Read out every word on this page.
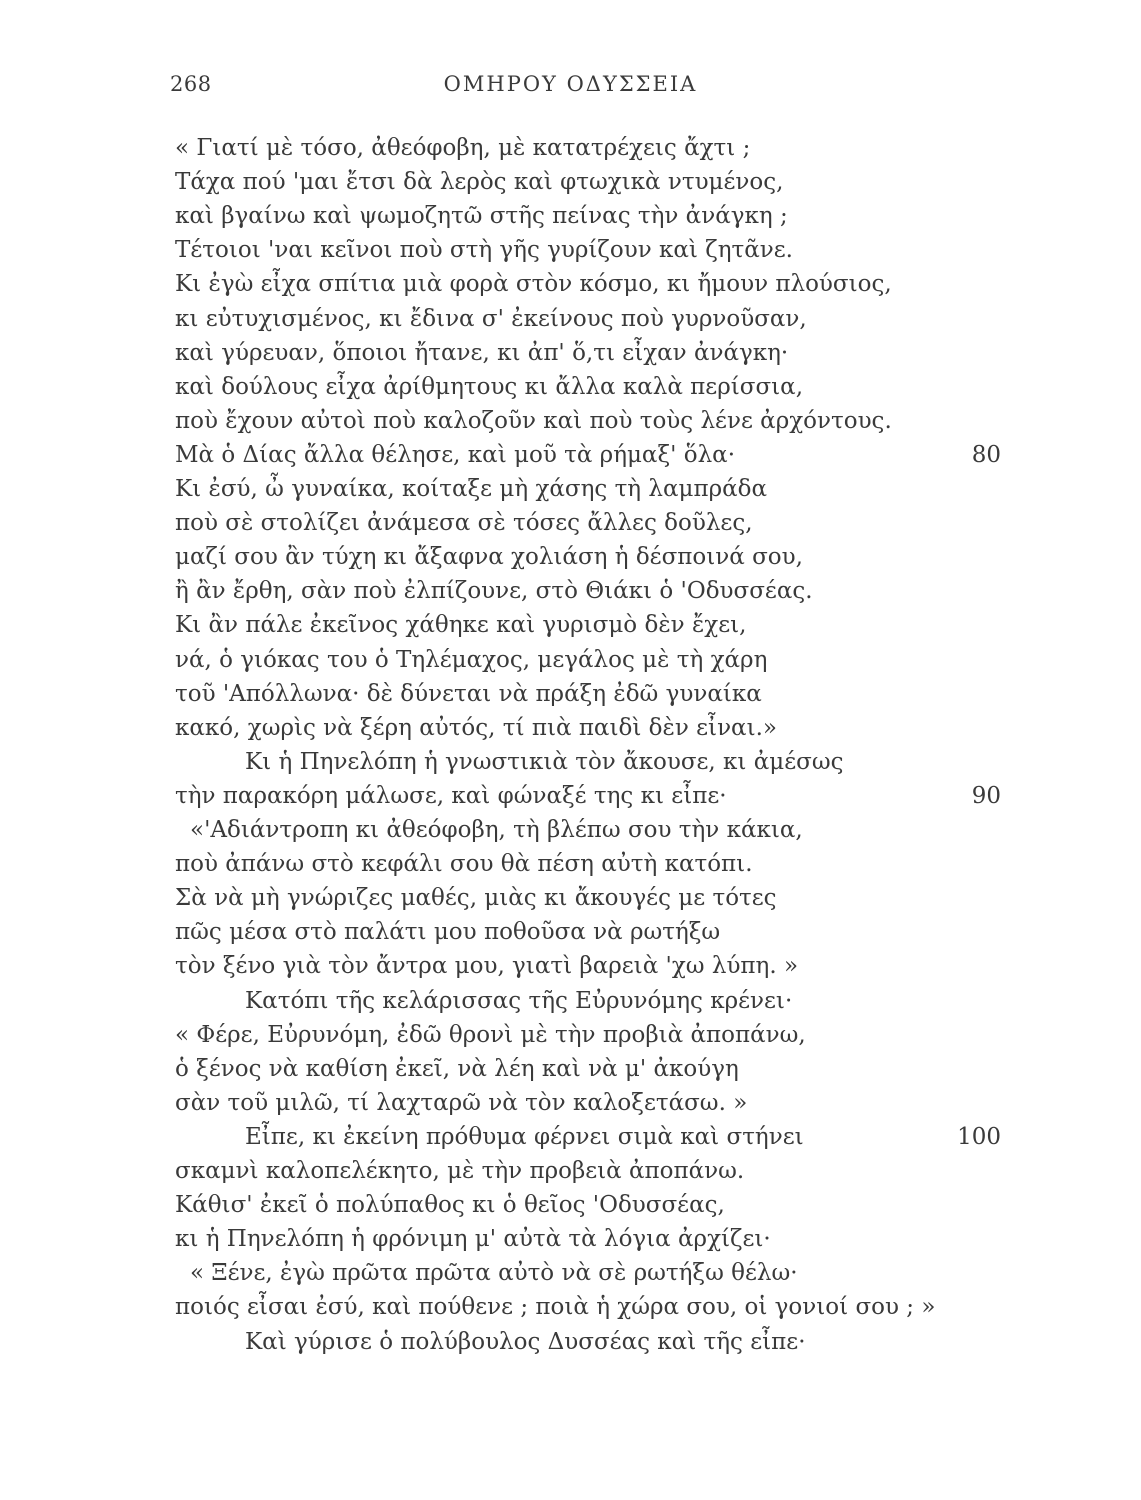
268	ΟΜΗΡΟΥ ΟΔΥΣΣΕΙΑ
« Γιατί μὲ τόσο, ἀθεόφοβη, μὲ κατατρέχεις ἄχτι ;
Τάχα πού 'μαι ἔτσι δὰ λερὸς καὶ φτωχικὰ ντυμένος,
καὶ βγαίνω καὶ ψωμοζητῶ στῆς πείνας τὴν ἀνάγκη ;
Τέτοιοι 'ναι κεῖνοι ποὺ στὴ γῆς γυρίζουν καὶ ζητᾶνε.
Κι ἐγὼ εἶχα σπίτια μιὰ φορὰ στὸν κόσμο, κι ἤμουν πλούσιος,
κι εὐτυχισμένος, κι ἔδινα σ' ἐκείνους ποὺ γυρνοῦσαν,
καὶ γύρευαν, ὅποιοι ἤτανε, κι ἀπ' ὅ,τι εἶχαν ἀνάγκη·
καὶ δούλους εἶχα ἀρίθμητους κι ἄλλα καλὰ περίσσια,
ποὺ ἔχουν αὐτοὶ ποὺ καλοζοῦν καὶ ποὺ τοὺς λένε ἀρχόντους.
Μὰ ὁ Δίας ἄλλα θέλησε, καὶ μοῦ τὰ ρήμαξ' ὅλα·	80
Κι ἐσύ, ὦ γυναίκα, κοίταξε μὴ χάσης τὴ λαμπράδα
ποὺ σὲ στολίζει ἀνάμεσα σὲ τόσες ἄλλες δοῦλες,
μαζί σου ἂν τύχη κι ἄξαφνα χολιάση ἡ δέσποινά σου,
ἢ ἂν ἔρθη, σὰν ποὺ ἐλπίζουνε, στὸ Θιάκι ὁ 'Οδυσσέας.
Κι ἂν πάλε ἐκεῖνος χάθηκε καὶ γυρισμὸ δὲν ἔχει,
νά, ὁ γιόκας του ὁ Τηλέμαχος, μεγάλος μὲ τὴ χάρη
τοῦ 'Απόλλωνα· δὲ δύνεται νὰ πράξη ἐδῶ γυναίκα
κακό, χωρὶς νὰ ξέρη αὐτός, τί πιὰ παιδὶ δὲν εἶναι.»
Κι ἡ Πηνελόπη ἡ γνωστικιὰ τὸν ἄκουσε, κι ἀμέσως
τὴν παρακόρη μάλωσε, καὶ φώναξέ της κι εἶπε·	90
«'Αδιάντροπη κι ἀθεόφοβη, τὴ βλέπω σου τὴν κάκια,
ποὺ ἀπάνω στὸ κεφάλι σου θὰ πέση αὐτὴ κατόπι.
Σὰ νὰ μὴ γνώριζες μαθές, μιὰς κι ἄκουγές με τότες
πῶς μέσα στὸ παλάτι μου ποθοῦσα νὰ ρωτήξω
τὸν ξένο γιὰ τὸν ἄντρα μου, γιατὶ βαρειὰ 'χω λύπη. »
Κατόπι τῆς κελάρισσας τῆς Εὐρυνόμης κρένει·
« Φέρε, Εὐρυνόμη, ἐδῶ θρονὶ μὲ τὴν προβιὰ ἀποπάνω,
ὁ ξένος νὰ καθίση ἐκεῖ, νὰ λέη καὶ νὰ μ' ἀκούγη
σὰν τοῦ μιλῶ, τί λαχταρῶ νὰ τὸν καλοξετάσω. »
Εἶπε, κι ἐκείνη πρόθυμα φέρνει σιμὰ καὶ στήνει	100
σκαμνὶ καλοπελέκητο, μὲ τὴν προβειὰ ἀποπάνω.
Κάθισ' ἐκεῖ ὁ πολύπαθος κι ὁ θεῖος 'Οδυσσέας,
κι ἡ Πηνελόπη ἡ φρόνιμη μ' αὐτὰ τὰ λόγια ἀρχίζει·
« Ξένε, ἐγὼ πρῶτα πρῶτα αὐτὸ νὰ σὲ ρωτήξω θέλω·
ποιός εἶσαι ἐσύ, καὶ πούθενε ; ποιὰ ἡ χώρα σου, οἱ γονιοί σου ; »
Καὶ γύρισε ὁ πολύβουλος Δυσσέας καὶ τῆς εἶπε·
